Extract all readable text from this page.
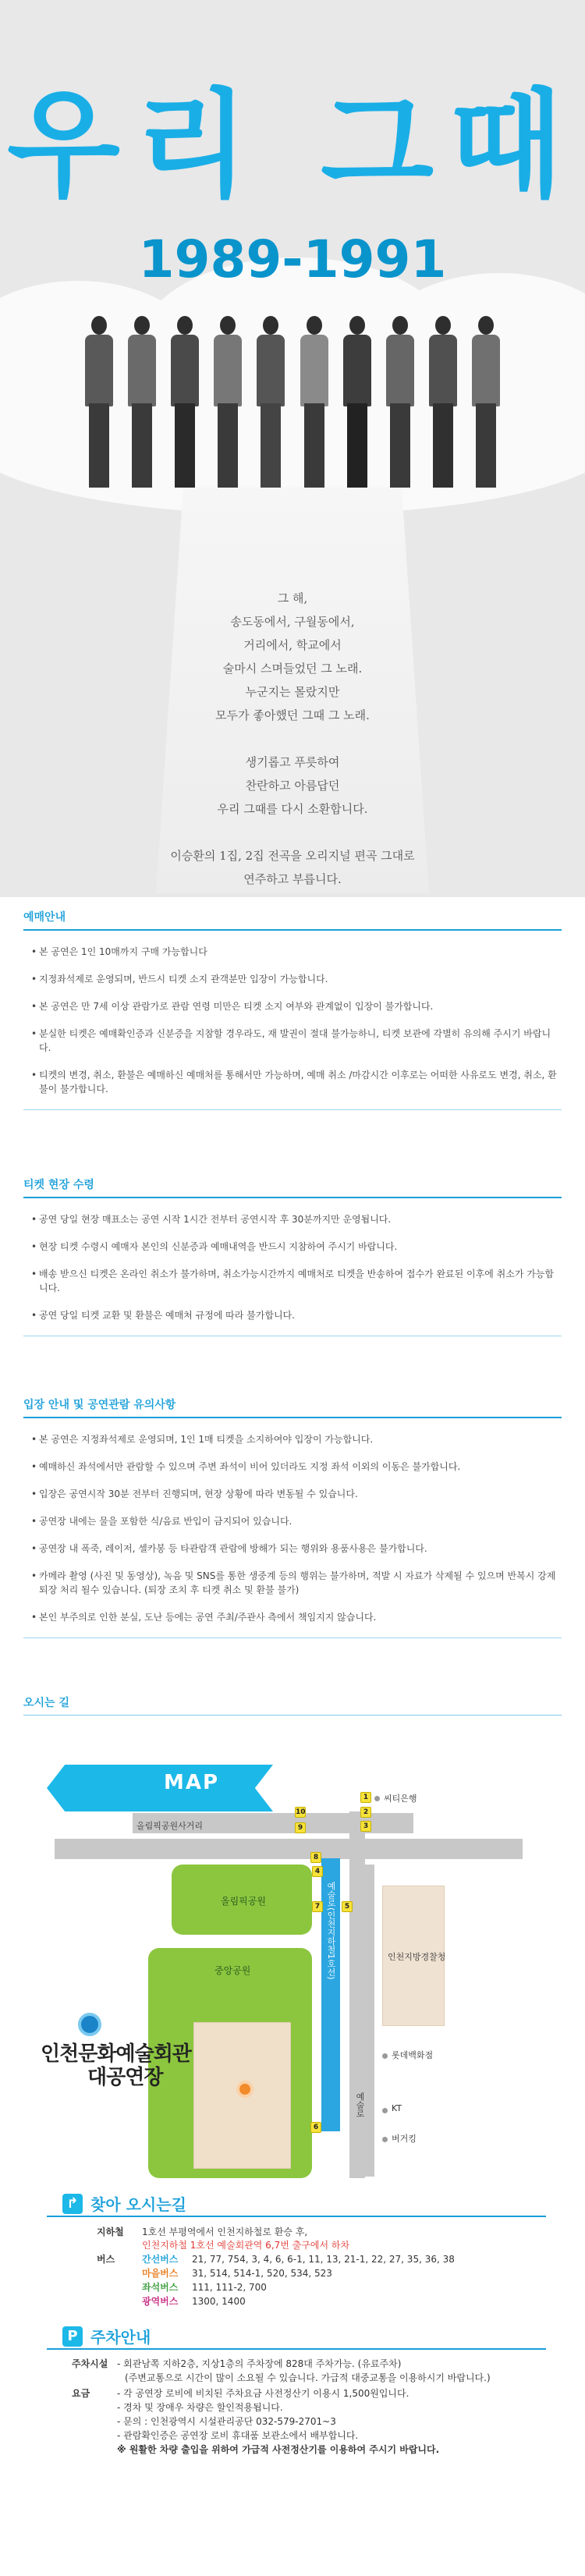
우리 그때
1989-1991
그 해,
송도동에서, 구월동에서,
거리에서, 학교에서
술마시 스며들었던 그 노래.
누군지는 몰랐지만
모두가 좋아했던 그때 그 노래.
생기롭고 푸릇하여
찬란하고 아름답던
우리 그때를 다시 소환합니다.
이승환의 1집, 2집 전곡을 오리지널 편곡 그대로
연주하고 부릅니다.
예매안내
• 본 공연은 1인 10매까지 구매 가능합니다
• 지정좌석제로 운영되며, 반드시 티켓 소지 관객분만 입장이 가능합니다.
• 본 공연은 만 7세 이상 관람가로 관람 연령 미만은 티켓 소지 여부와 관계없이 입장이 불가합니다.
• 분실한 티켓은 예매확인증과 신분증을 지참할 경우라도, 재 발권이 절대 불가능하니, 티켓 보관에 각별히 유의해 주시기 바랍니다.
• 티켓의 변경, 취소, 환불은 예매하신 예매처를 통해서만 가능하며, 예매 취소 /마감시간 이후로는 어떠한 사유로도 변경, 취소, 환불이 불가합니다.
티켓 현장 수령
• 공연 당일 현장 매표소는 공연 시작 1시간 전부터 공연시작 후 30분까지만 운영됩니다.
• 현장 티켓 수령시 예매자 본인의 신분증과 예매내역을 반드시 지참하여 주시기 바랍니다.
• 배송 받으신 티켓은 온라인 취소가 불가하며, 취소가능시간까지 예매처로 티켓을 반송하여 접수가 완료된 이후에 취소가 가능합니다.
• 공연 당일 티켓 교환 및 환불은 예매처 규정에 따라 불가합니다.
입장 안내 및 공연관람 유의사항
• 본 공연은 지정좌석제로 운영되며, 1인 1매 티켓을 소지하여야 입장이 가능합니다.
• 예매하신 좌석에서만 관람할 수 있으며 주변 좌석이 비어 있더라도 지정 좌석 이외의 이동은 불가합니다.
• 입장은 공연시작 30분 전부터 진행되며, 현장 상황에 따라 변동될 수 있습니다.
• 공연장 내에는 물을 포함한 식/음료 반입이 금지되어 있습니다.
• 공연장 내 폭죽, 레이저, 셀카봉 등 타관람객 관람에 방해가 되는 행위와 용품사용은 불가합니다.
• 카메라 촬영 (사진 및 동영상), 녹음 및 SNS를 통한 생중계 등의 행위는 불가하며, 적발 시 자료가 삭제될 수 있으며 반복시 강제 퇴장 처리 될수 있습니다. (퇴장 조치 후 티켓 취소 및 환불 불가)
• 본인 부주의로 인한 분실, 도난 등에는 공연 주최/주관사 측에서 책임지지 않습니다.
오시는 길
MAP
예술로(인천지하철1호선)
예술로
올림픽공원
중앙공원
인천문화예술회관
대공연장
인천지방경찰청
올림픽공원사거리
씨티은행
롯데백화점
KT
버거킹
1
2
3
4
5
6
7
8
9
10
↱ 찾아 오시는길
지하철 1호선 부평역에서 인천지하철로 환승 후,
인천지하철 1호선 예술회관역 6,7번 출구에서 하차
버스	간선버스 21, 77, 754, 3, 4, 6, 6-1, 11, 13, 21-1, 22, 27, 35, 36, 38
마을버스 31, 514, 514-1, 520, 534, 523
좌석버스 111, 111-2, 700
광역버스 1300, 1400
P 주차안내
주차시설 - 회관남쪽 지하2층, 지상1층의 주차장에 828대 주차가능. (유료주차)
(주변교통으로 시간이 많이 소요될 수 있습니다. 가급적 대중교통을 이용하시기 바랍니다.)
요금	- 각 공연장 로비에 비치된 주차요금 사전정산기 이용시 1,500원입니다.
- 경차 및 장애우 차량은 할인적용됩니다.
- 문의 : 인천광역시 시설관리공단 032-579-2701~3
- 관람확인증은 공연장 로비 휴대품 보관소에서 배부합니다.
※ 원활한 차량 출입을 위하여 가급적 사전정산기를 이용하여 주시기 바랍니다.
